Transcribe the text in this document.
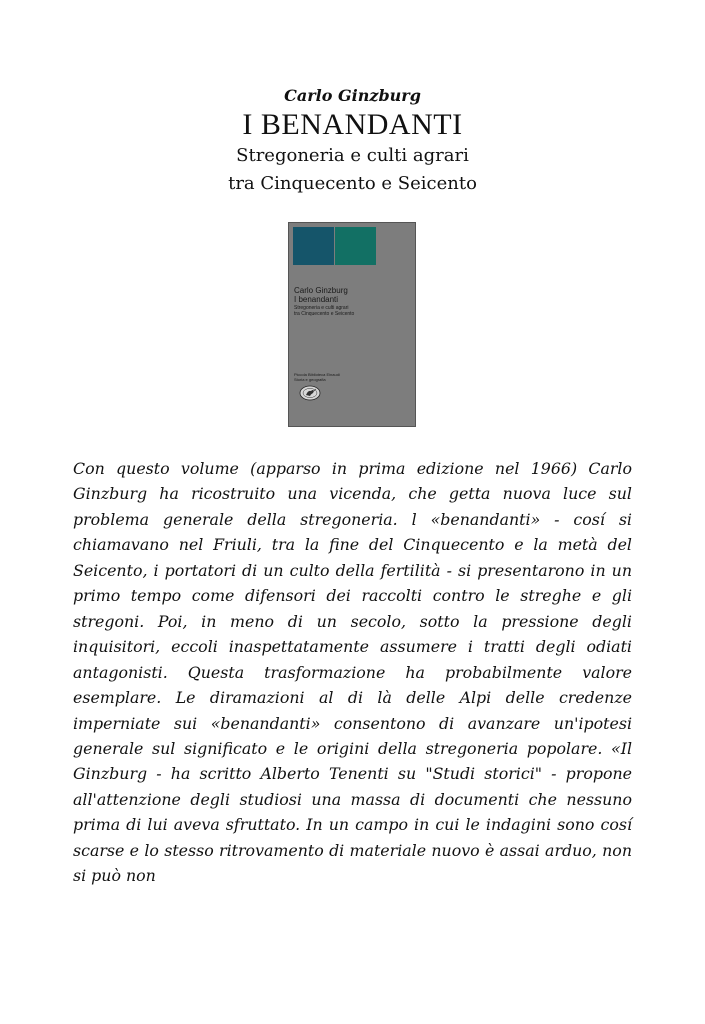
Carlo Ginzburg

I BENANDANTI

Stregoneria e culti agrari

tra Cinquecento e Seicento

Carlo Ginzburg
I benandanti
Stregoneria e culti agrari
tra Cinquecento e Seicento
Piccola Biblioteca Einaudi
Storia e geografia

Con questo volume (apparso in prima edizione nel 1966) Carlo Ginzburg ha ricostruito una vicenda, che getta nuova luce sul problema generale della stregoneria. l «benandanti» - cosí si chiamavano nel Friuli, tra la fine del Cinquecento e la metà del Seicento, i portatori di un culto della fertilità - si presentarono in un primo tempo come difensori dei raccolti contro le streghe e gli stregoni. Poi, in meno di un secolo, sotto la pressione degli inquisitori, eccoli inaspettatamente assumere i tratti degli odiati antagonisti. Questa trasformazione ha probabilmente valore esemplare. Le diramazioni al di là delle Alpi delle credenze imperniate sui «benandanti» consentono di avanzare un'ipotesi generale sul significato e le origini della stregoneria popolare. «Il Ginzburg - ha scritto Alberto Tenenti su "Studi storici" - propone all'attenzione degli studiosi una massa di documenti che nessuno prima di lui aveva sfruttato. In un campo in cui le indagini sono cosí scarse e lo stesso ritrovamento di materiale nuovo è assai arduo, non si può non
